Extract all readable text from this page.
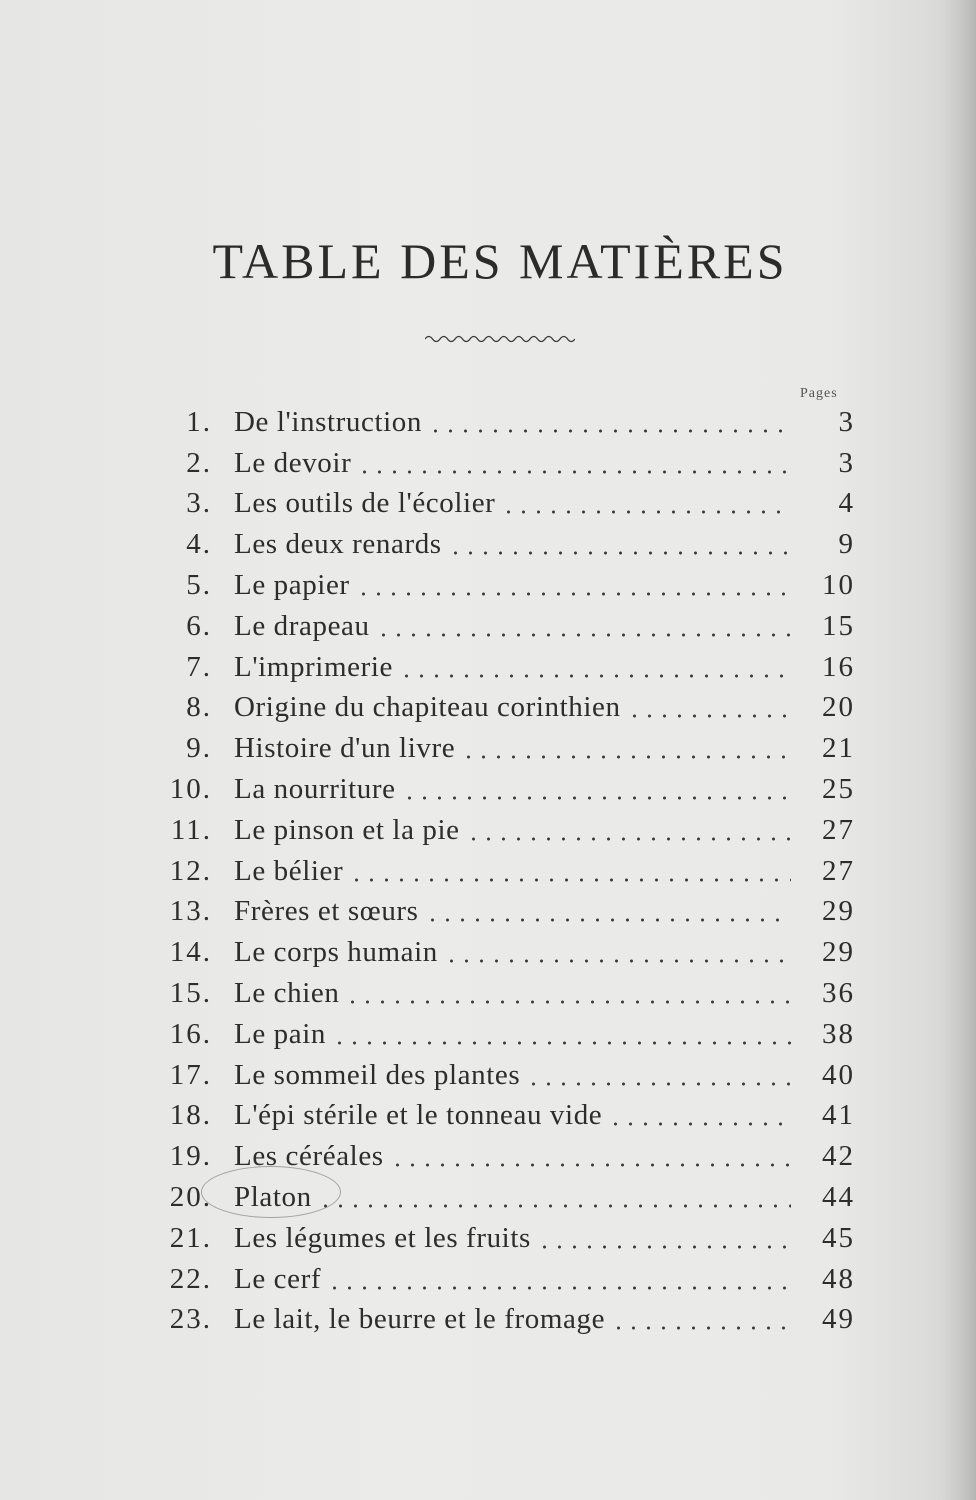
TABLE DES MATIÈRES
Pages
1. De l'instruction	3
2. Le devoir	3
3. Les outils de l'écolier	4
4. Les deux renards	9
5. Le papier	10
6. Le drapeau	15
7. L'imprimerie	16
8. Origine du chapiteau corinthien	20
9. Histoire d'un livre	21
10. La nourriture	25
11. Le pinson et la pie	27
12. Le bélier	27
13. Frères et sœurs	29
14. Le corps humain	29
15. Le chien	36
16. Le pain	38
17. Le sommeil des plantes	40
18. L'épi stérile et le tonneau vide	41
19. Les céréales	42
20. Platon	44
21. Les légumes et les fruits	45
22. Le cerf	48
23. Le lait, le beurre et le fromage	49
